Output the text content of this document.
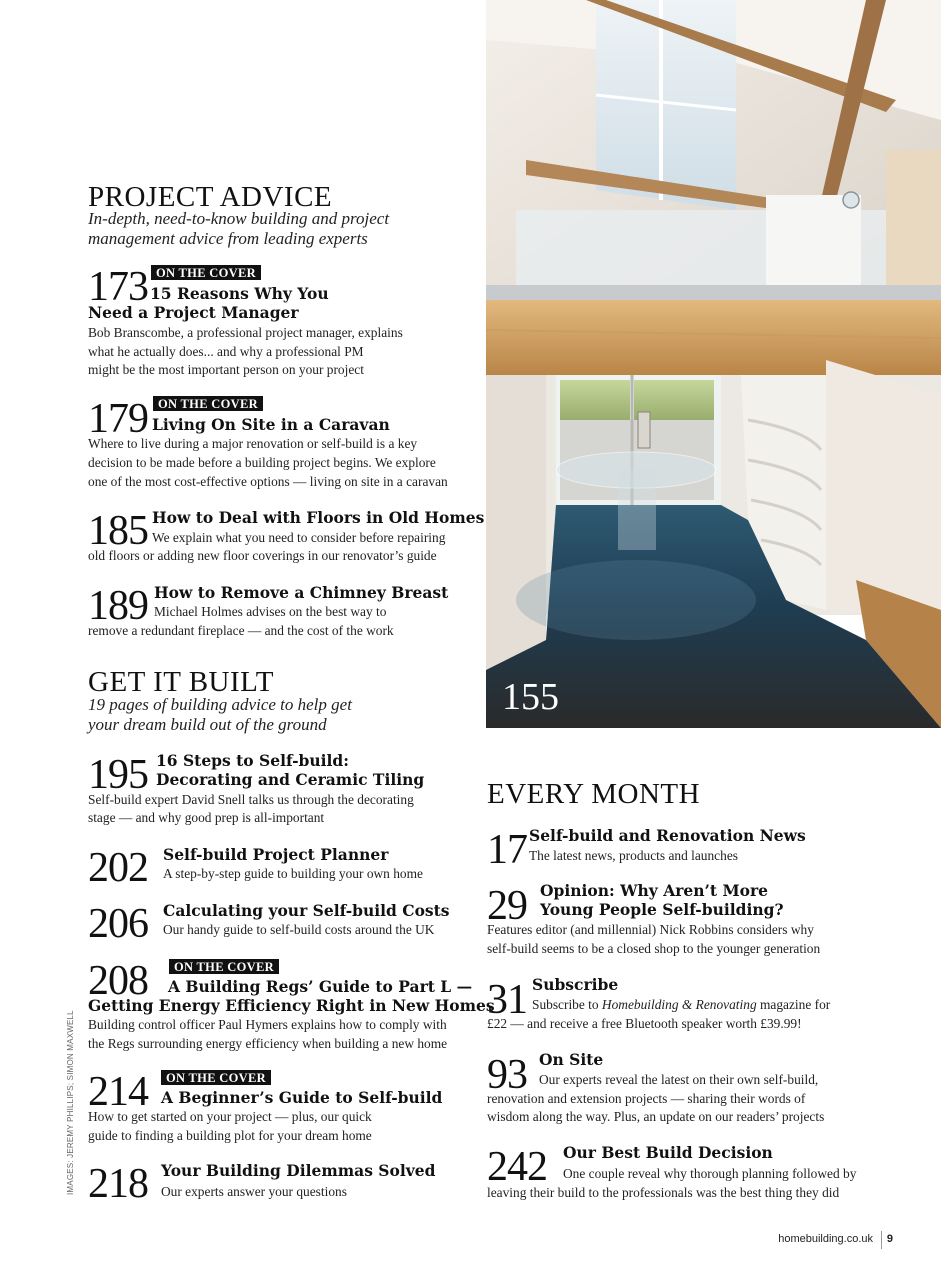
PROJECT ADVICE
In-depth, need-to-know building and project
management advice from leading experts
173 ON THE COVER
15 Reasons Why You
Need a Project Manager
Bob Branscombe, a professional project manager, explains
what he actually does... and why a professional PM
might be the most important person on your project
179 ON THE COVER
Living On Site in a Caravan
Where to live during a major renovation or self-build is a key
decision to be made before a building project begins. We explore
one of the most cost-effective options — living on site in a caravan
185 How to Deal with Floors in Old Homes
We explain what you need to consider before repairing
old floors or adding new floor coverings in our renovator’s guide
189 How to Remove a Chimney Breast
Michael Holmes advises on the best way to
remove a redundant fireplace — and the cost of the work
GET IT BUILT
19 pages of building advice to help get
your dream build out of the ground
195 16 Steps to Self-build:
Decorating and Ceramic Tiling
Self-build expert David Snell talks us through the decorating
stage — and why good prep is all-important
202 Self-build Project Planner
A step-by-step guide to building your own home
206 Calculating your Self-build Costs
Our handy guide to self-build costs around the UK
208	ON THE COVER
A Building Regs’ Guide to Part L —
Getting Energy Efficiency Right in New Homes
Building control officer Paul Hymers explains how to comply with
the Regs surrounding energy efficiency when building a new home
214	ON THE COVER
A Beginner’s Guide to Self-build
How to get started on your project — plus, our quick
guide to finding a building plot for your dream home
218 Your Building Dilemmas Solved
Our experts answer your questions
155
EVERY MONTH
17 Self-build and Renovation News
The latest news, products and launches
29 Opinion: Why Aren’t More
Young People Self-building?
Features editor (and millennial) Nick Robbins considers why
self-build seems to be a closed shop to the younger generation
31 Subscribe
Subscribe to Homebuilding & Renovating magazine for
£22 — and receive a free Bluetooth speaker worth £39.99!
93 On Site
Our experts reveal the latest on their own self-build,
renovation and extension projects — sharing their words of
wisdom along the way. Plus, an update on our readers’ projects
242 Our Best Build Decision
One couple reveal why thorough planning followed by
leaving their build to the professionals was the best thing they did
IMAGES: JEREMY PHILLIPS; SIMON MAXWELL
homebuilding.co.uk 9
